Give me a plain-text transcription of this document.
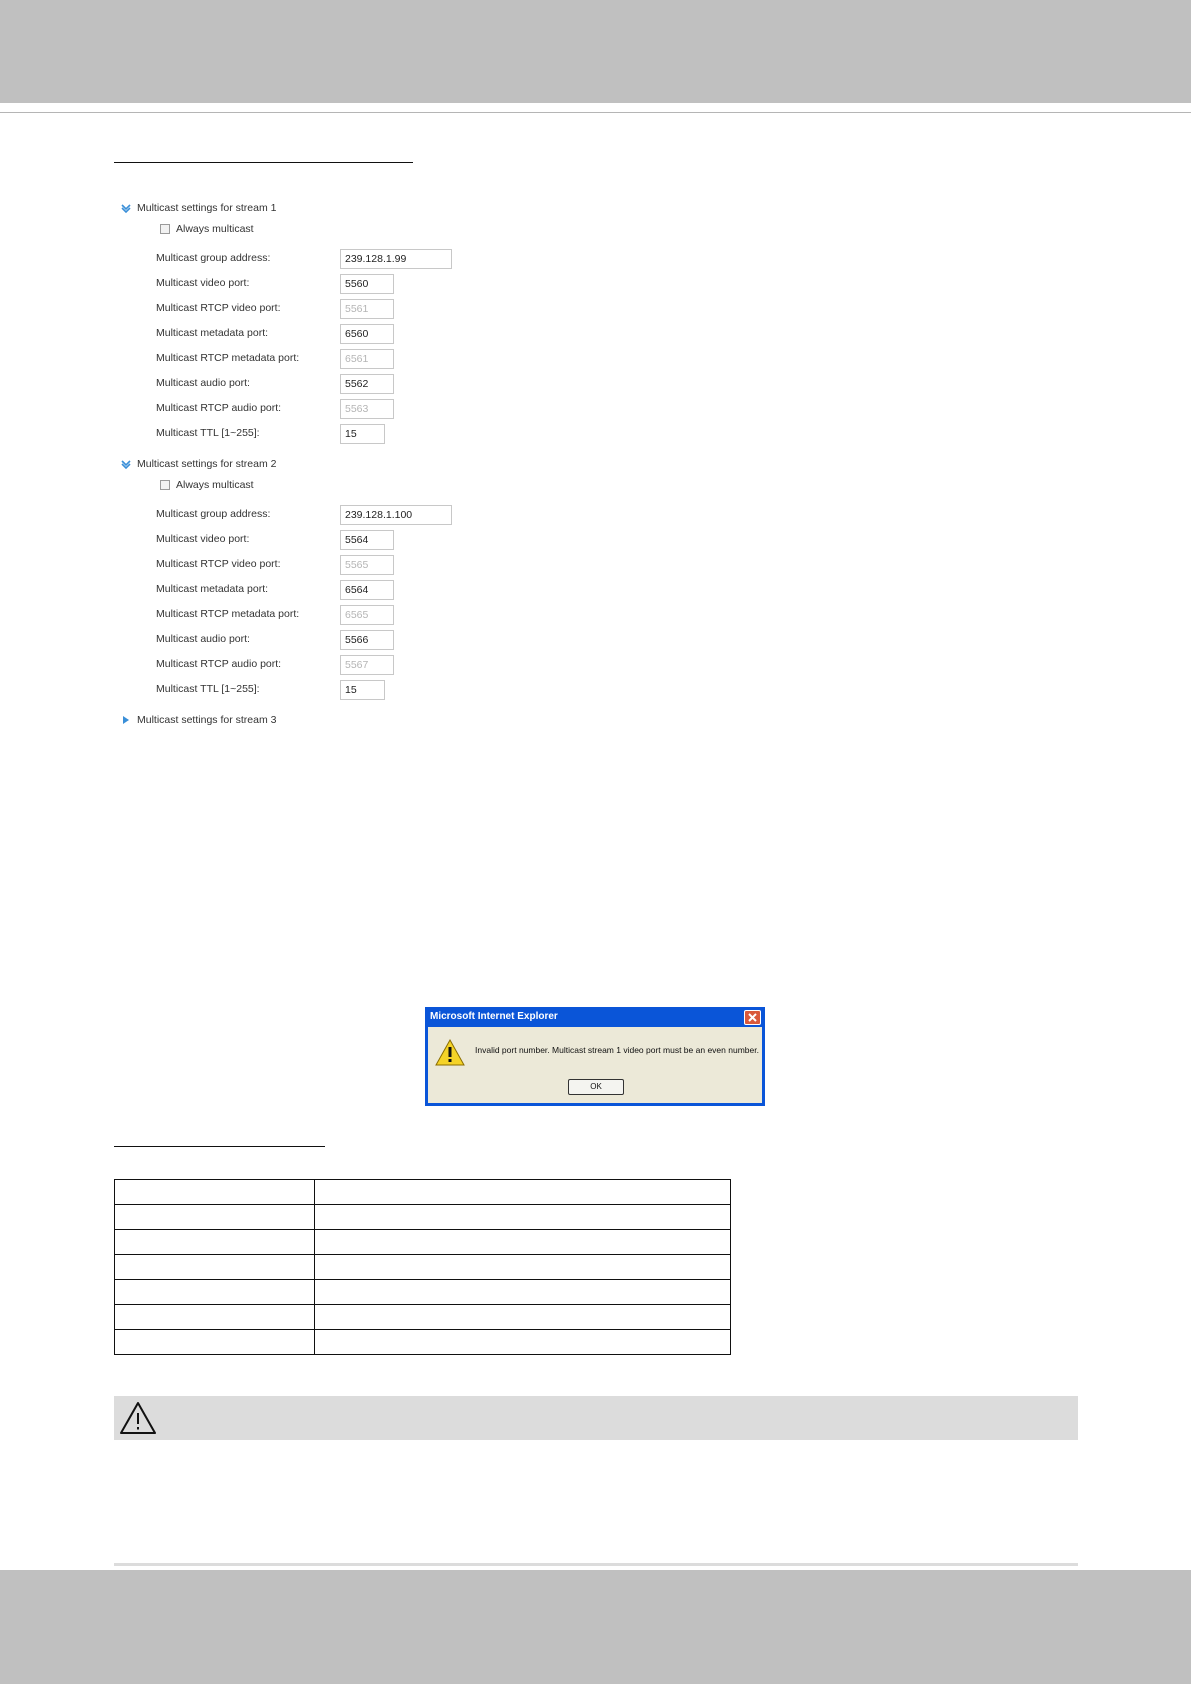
Multicast settings for stream 1
Always multicast
Multicast group address:	239.128.1.99
Multicast video port:	5560
Multicast RTCP video port:	5561
Multicast metadata port:	6560
Multicast RTCP metadata port:	6561
Multicast audio port:	5562
Multicast RTCP audio port:	5563
Multicast TTL [1~255]:	15
Multicast settings for stream 2
Always multicast
Multicast group address:	239.128.1.100
Multicast video port:	5564
Multicast RTCP video port:	5565
Multicast metadata port:	6564
Multicast RTCP metadata port:	6565
Multicast audio port:	5566
Multicast RTCP audio port:	5567
Multicast TTL [1~255]:	15
Multicast settings for stream 3
Microsoft Internet Explorer
Invalid port number. Multicast stream 1 video port must be an even number.
OK
